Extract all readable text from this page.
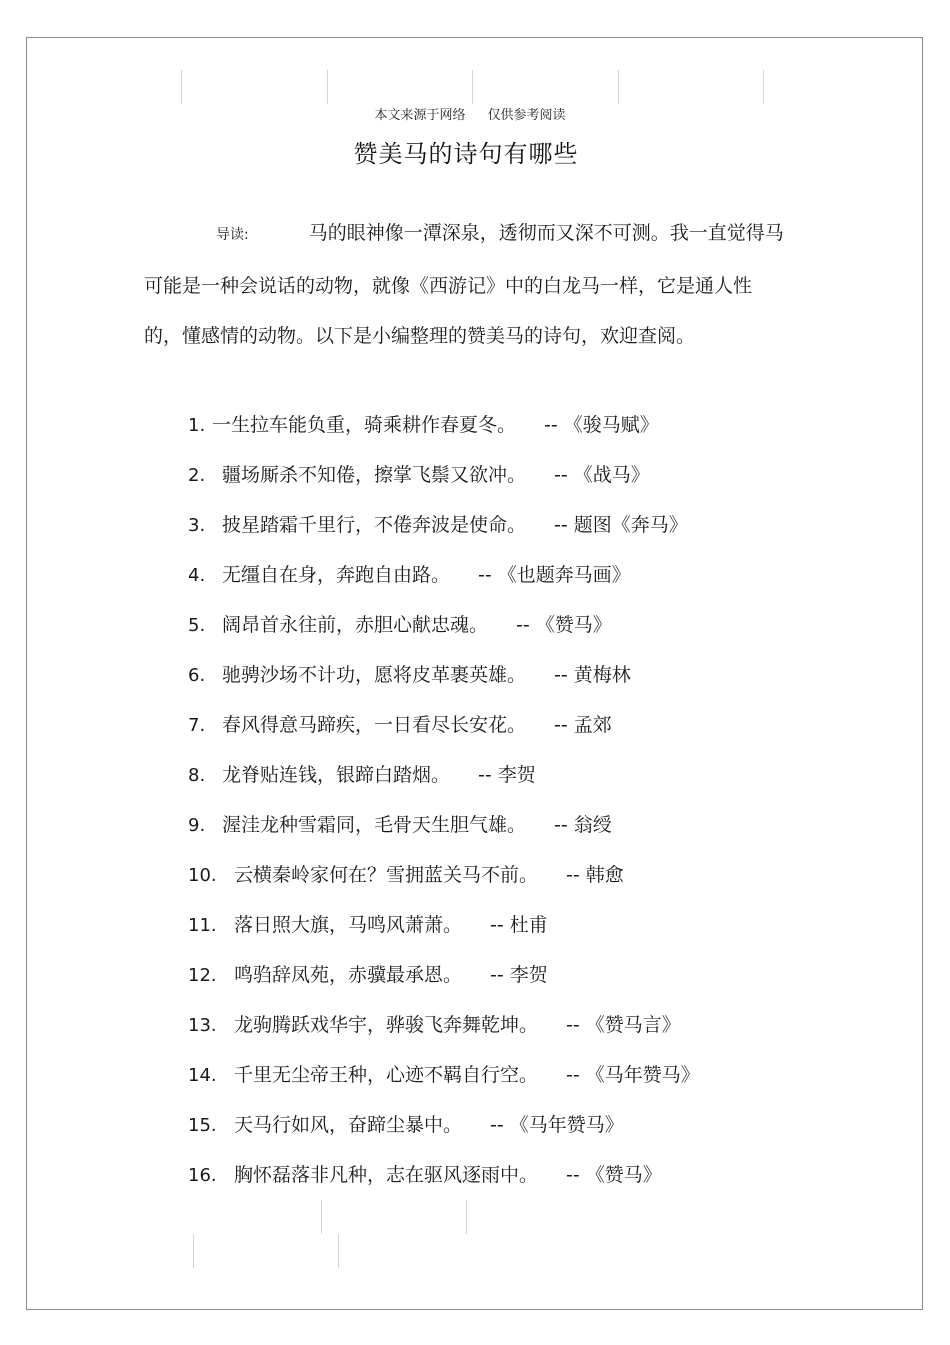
本文来源于网络 仅供参考阅读
赞美马的诗句有哪些
导读:	马的眼神像一潭深泉，透彻而又深不可测。我一直觉得马可能是一种会说话的动物，就像《西游记》中的白龙马一样，它是通人性的，懂感情的动物。以下是小编整理的赞美马的诗句，欢迎查阅。
1. 一生拉车能负重，骑乘耕作春夏冬。 -- 《骏马赋》
2. 疆场厮杀不知倦，擦掌飞鬃又欲冲。 -- 《战马》
3. 披星踏霜千里行，不倦奔波是使命。 -- 题图《奔马》
4. 无缰自在身，奔跑自由路。 -- 《也题奔马画》
5. 阔昂首永往前，赤胆心献忠魂。 -- 《赞马》
6. 驰骋沙场不计功，愿将皮革裹英雄。 -- 黄梅林
7. 春风得意马蹄疾，一日看尽长安花。 -- 孟郊
8. 龙脊贴连钱，银蹄白踏烟。 -- 李贺
9. 渥洼龙种雪霜同，毛骨天生胆气雄。 -- 翁绶
10. 云横秦岭家何在？雪拥蓝关马不前。 -- 韩愈
11. 落日照大旗，马鸣风萧萧。 -- 杜甫
12. 鸣驺辞凤苑，赤骥最承恩。 -- 李贺
13. 龙驹腾跃戏华宇，骅骏飞奔舞乾坤。 -- 《赞马言》
14. 千里无尘帝王种，心迹不羁自行空。 -- 《马年赞马》
15. 天马行如风，奋蹄尘暴中。 -- 《马年赞马》
16. 胸怀磊落非凡种，志在驱风逐雨中。 -- 《赞马》
